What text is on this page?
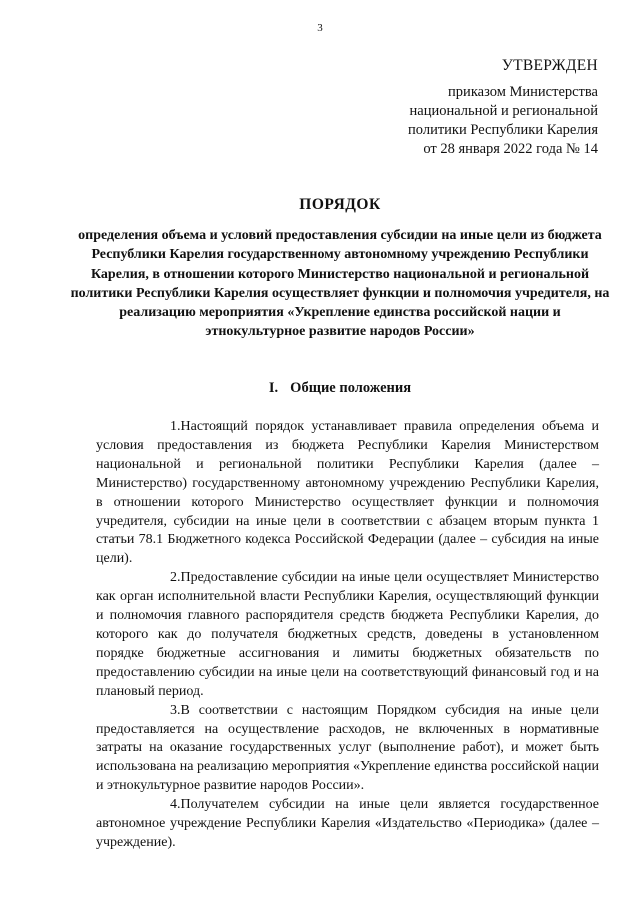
3
УТВЕРЖДЕН
приказом Министерства
национальной и региональной
политики Республики Карелия
от 28 января 2022 года № 14
ПОРЯДОК
определения объема и условий предоставления субсидии на иные цели из бюджета Республики Карелия государственному автономному учреждению Республики Карелия, в отношении которого Министерство национальной и региональной политики Республики Карелия осуществляет функции и полномочия учредителя, на реализацию мероприятия «Укрепление единства российской нации и этнокультурное развитие народов России»
I. Общие положения

1.Настоящий порядок устанавливает правила определения объема и условия предоставления из бюджета Республики Карелия Министерством национальной и региональной политики Республики Карелия (далее – Министерство) государственному автономному учреждению Республики Карелия, в отношении которого Министерство осуществляет функции и полномочия учредителя, субсидии на иные цели в соответствии с абзацем вторым пункта 1 статьи 78.1 Бюджетного кодекса Российской Федерации (далее – субсидия на иные цели).

2.Предоставление субсидии на иные цели осуществляет Министерство как орган исполнительной власти Республики Карелия, осуществляющий функции и полномочия главного распорядителя средств бюджета Республики Карелия, до которого как до получателя бюджетных средств, доведены в установленном порядке бюджетные ассигнования и лимиты бюджетных обязательств по предоставлению субсидии на иные цели на соответствующий финансовый год и на плановый период.

3.В соответствии с настоящим Порядком субсидия на иные цели предоставляется на осуществление расходов, не включенных в нормативные затраты на оказание государственных услуг (выполнение работ), и может быть использована на реализацию мероприятия «Укрепление единства российской нации и этнокультурное развитие народов России».

4.Получателем субсидии на иные цели является государственное автономное учреждение Республики Карелия «Издательство «Периодика» (далее – учреждение).
